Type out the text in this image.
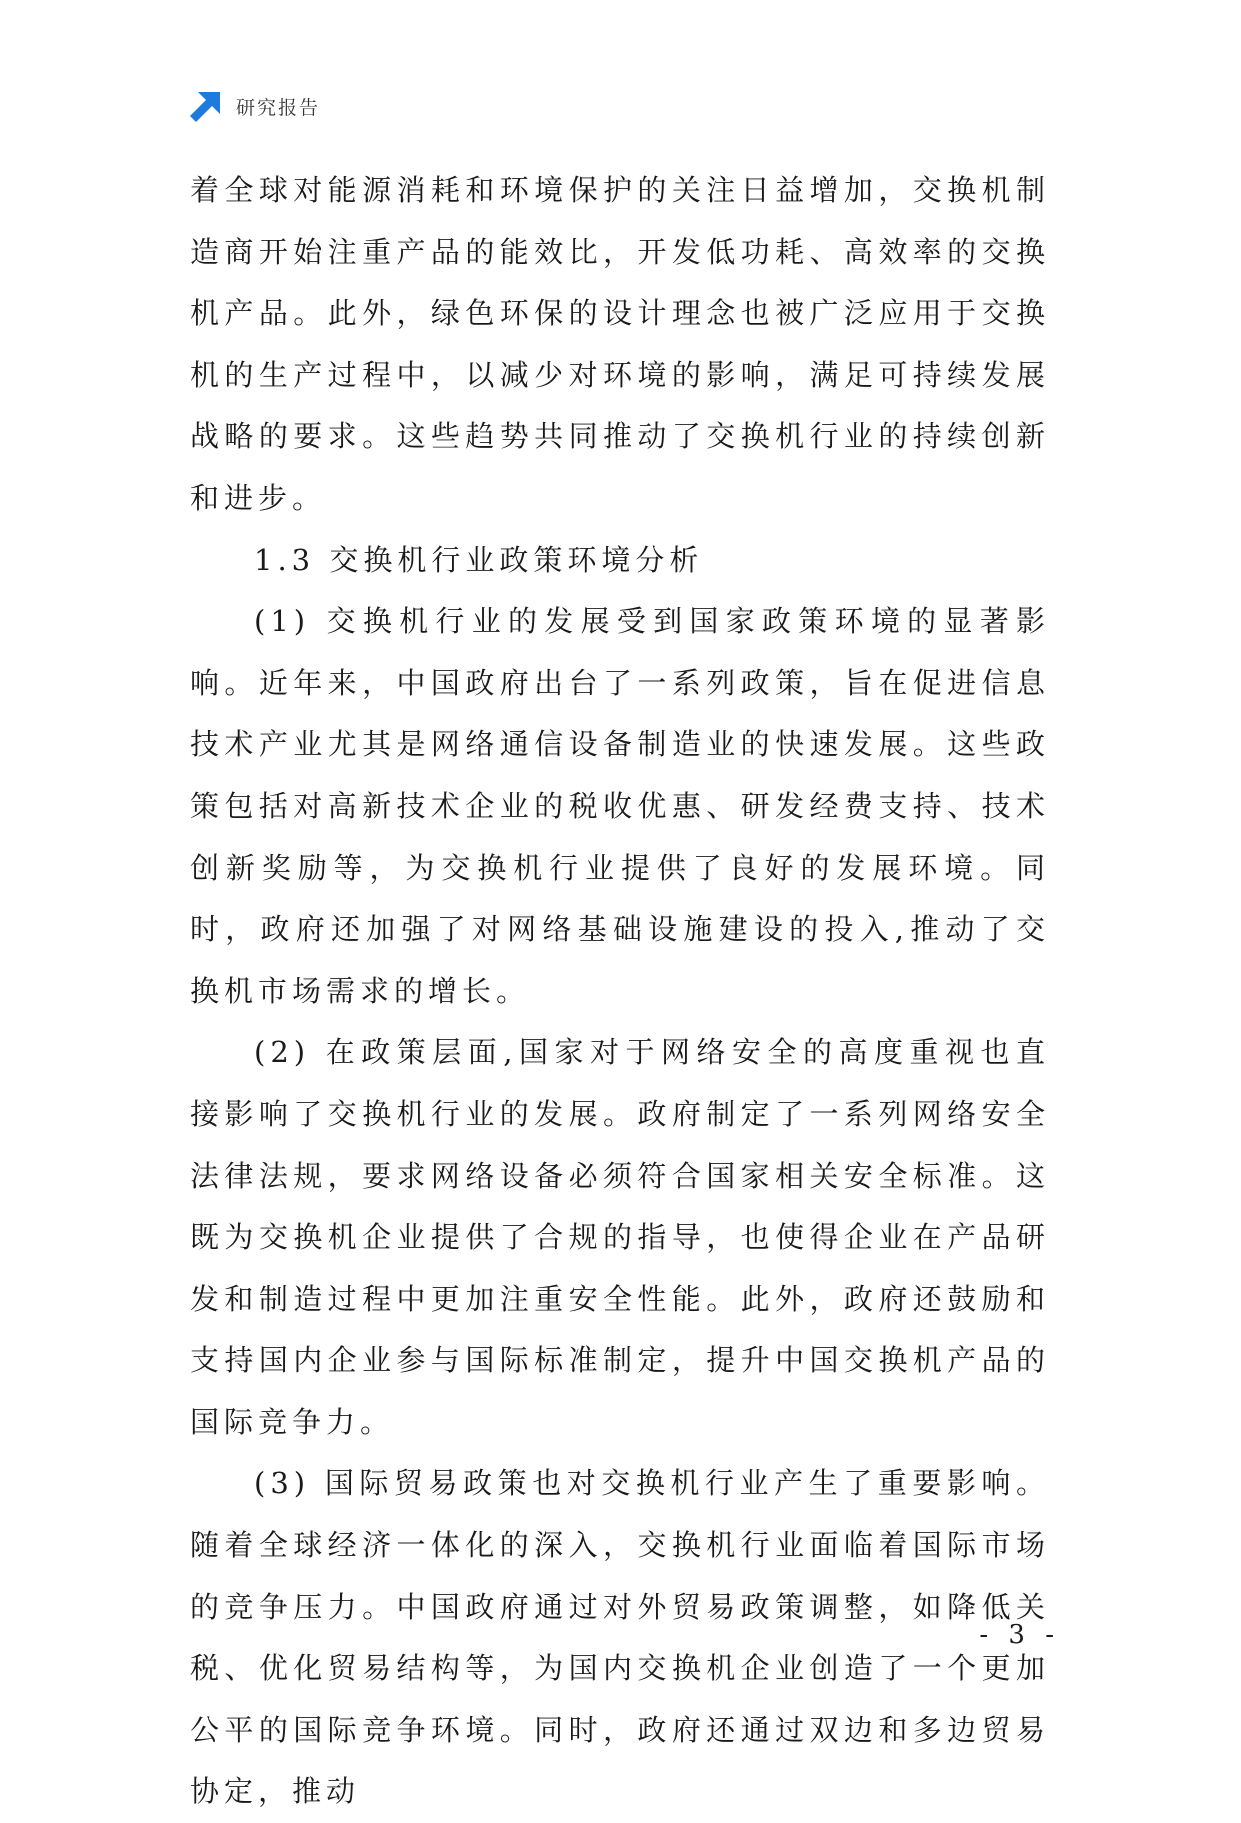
研究报告

着全球对能源消耗和环境保护的关注日益增加，交换机制造商开始注重产品的能效比，开发低功耗、高效率的交换机产品。此外，绿色环保的设计理念也被广泛应用于交换机的生产过程中，以减少对环境的影响，满足可持续发展战略的要求。这些趋势共同推动了交换机行业的持续创新和进步。

1.3 交换机行业政策环境分析

(1) 交换机行业的发展受到国家政策环境的显著影响。近年来，中国政府出台了一系列政策，旨在促进信息技术产业尤其是网络通信设备制造业的快速发展。这些政策包括对高新技术企业的税收优惠、研发经费支持、技术创新奖励等，为交换机行业提供了良好的发展环境。同时，政府还加强了对网络基础设施建设的投入,推动了交换机市场需求的增长。

(2) 在政策层面,国家对于网络安全的高度重视也直接影响了交换机行业的发展。政府制定了一系列网络安全法律法规，要求网络设备必须符合国家相关安全标准。这既为交换机企业提供了合规的指导，也使得企业在产品研发和制造过程中更加注重安全性能。此外，政府还鼓励和支持国内企业参与国际标准制定，提升中国交换机产品的国际竞争力。

(3) 国际贸易政策也对交换机行业产生了重要影响。随着全球经济一体化的深入，交换机行业面临着国际市场的竞争压力。中国政府通过对外贸易政策调整，如降低关税、优化贸易结构等，为国内交换机企业创造了一个更加公平的国际竞争环境。同时，政府还通过双边和多边贸易协定，推动

- 3 -
